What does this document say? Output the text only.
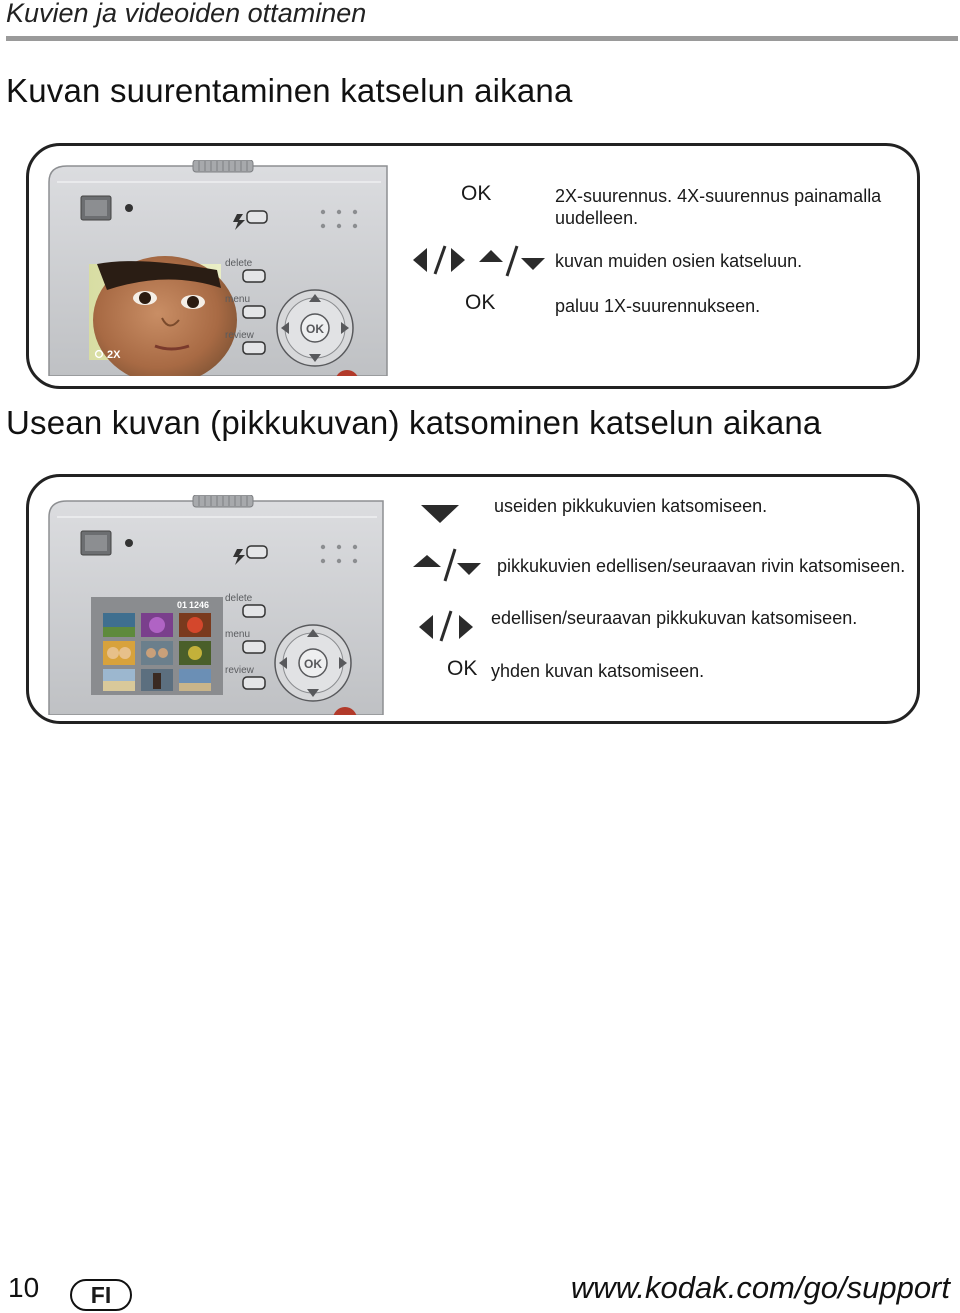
Kuvien ja videoiden ottaminen
Kuvan suurentaminen katselun aikana
2X
delete
menu
review	OK
OK	2X-suurennus. 4X-suurennus painamalla
uudelleen.
kuvan muiden osien katseluun.
OK	paluu 1X-suurennukseen.
Usean kuvan (pikkukuvan) katsominen katselun aikana
01 1246
delete
menu
review	OK
useiden pikkukuvien katsomiseen.
pikkukuvien edellisen/seuraavan rivin katsomiseen.
edellisen/seuraavan pikkukuvan katsomiseen.
OK yhden kuvan katsomiseen.
10	FI	www.kodak.com/go/support
